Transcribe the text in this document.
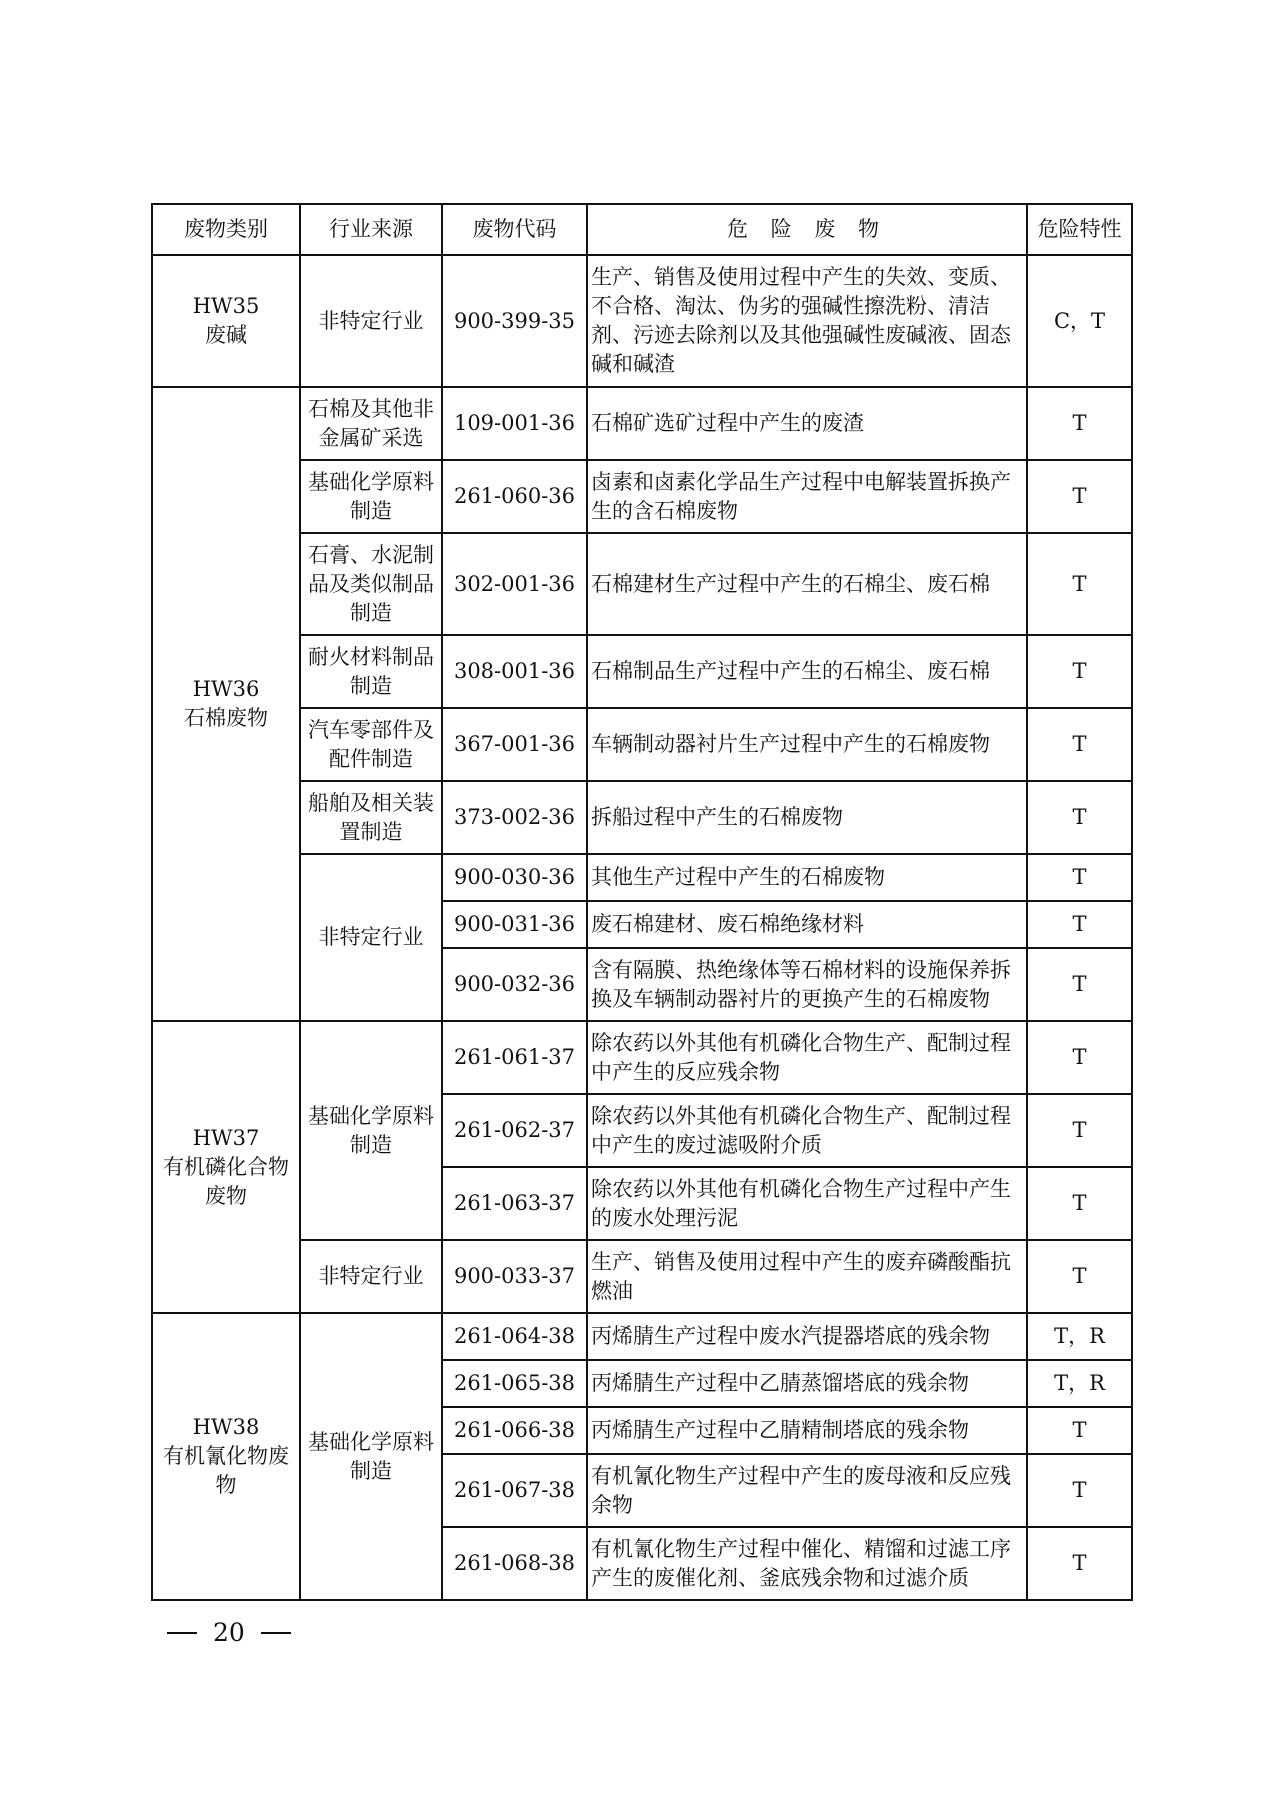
废物类别	行业来源	废物代码	危 险 废 物	危险特性

HW35
废碱	非特定行业	900-399-35	生产、销售及使用过程中产生的失效、变质、不合格、淘汰、伪劣的强碱性擦洗粉、清洁剂、污迹去除剂以及其他强碱性废碱液、固态碱和碱渣	C，T

HW36
石棉废物	石棉及其他非金属矿采选	109-001-36	石棉矿选矿过程中产生的废渣	T
	基础化学原料制造	261-060-36	卤素和卤素化学品生产过程中电解装置拆换产生的含石棉废物	T
	石膏、水泥制品及类似制品制造	302-001-36	石棉建材生产过程中产生的石棉尘、废石棉	T
	耐火材料制品制造	308-001-36	石棉制品生产过程中产生的石棉尘、废石棉	T
	汽车零部件及配件制造	367-001-36	车辆制动器衬片生产过程中产生的石棉废物	T
	船舶及相关装置制造	373-002-36	拆船过程中产生的石棉废物	T
	非特定行业	900-030-36	其他生产过程中产生的石棉废物	T
		900-031-36	废石棉建材、废石棉绝缘材料	T
		900-032-36	含有隔膜、热绝缘体等石棉材料的设施保养拆换及车辆制动器衬片的更换产生的石棉废物	T

HW37
有机磷化合物废物	基础化学原料制造	261-061-37	除农药以外其他有机磷化合物生产、配制过程中产生的反应残余物	T
		261-062-37	除农药以外其他有机磷化合物生产、配制过程中产生的废过滤吸附介质	T
		261-063-37	除农药以外其他有机磷化合物生产过程中产生的废水处理污泥	T
	非特定行业	900-033-37	生产、销售及使用过程中产生的废弃磷酸酯抗燃油	T

HW38
有机氰化物废物	基础化学原料制造	261-064-38	丙烯腈生产过程中废水汽提器塔底的残余物	T，R
		261-065-38	丙烯腈生产过程中乙腈蒸馏塔底的残余物	T，R
		261-066-38	丙烯腈生产过程中乙腈精制塔底的残余物	T
		261-067-38	有机氰化物生产过程中产生的废母液和反应残余物	T
		261-068-38	有机氰化物生产过程中催化、精馏和过滤工序产生的废催化剂、釜底残余物和过滤介质	T
20
